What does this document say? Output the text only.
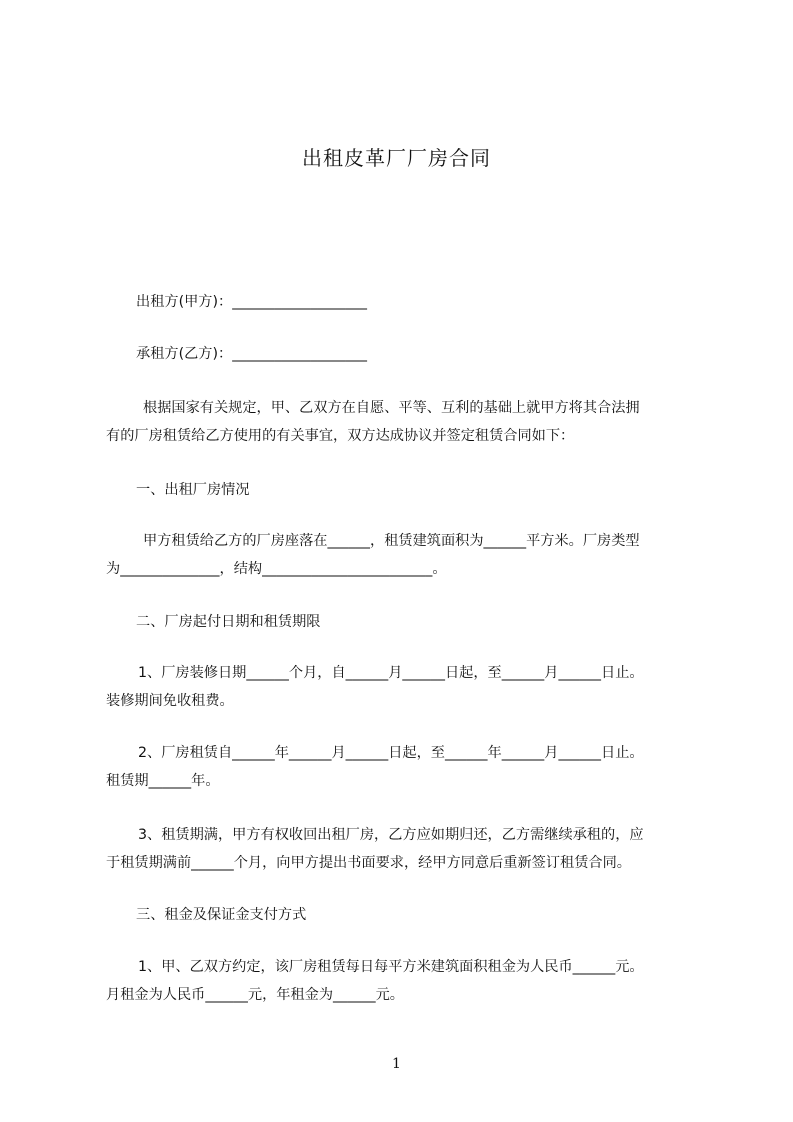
出租皮革厂厂房合同
出租方(甲方)：___________________
承租方(乙方)：___________________
根据国家有关规定，甲、乙双方在自愿、平等、互利的基础上就甲方将其合法拥
有的厂房租赁给乙方使用的有关事宜，双方达成协议并签定租赁合同如下：
一、出租厂房情况
甲方租赁给乙方的厂房座落在______，租赁建筑面积为______平方米。厂房类型
为______________，结构________________________。
二、厂房起付日期和租赁期限
1、厂房装修日期______个月，自______月______日起，至______月______日止。
装修期间免收租费。
2、厂房租赁自______年______月______日起，至______年______月______日止。
租赁期______年。
3、租赁期满，甲方有权收回出租厂房，乙方应如期归还，乙方需继续承租的，应
于租赁期满前______个月，向甲方提出书面要求，经甲方同意后重新签订租赁合同。
三、租金及保证金支付方式
1、甲、乙双方约定，该厂房租赁每日每平方米建筑面积租金为人民币______元。
月租金为人民币______元，年租金为______元。
1
